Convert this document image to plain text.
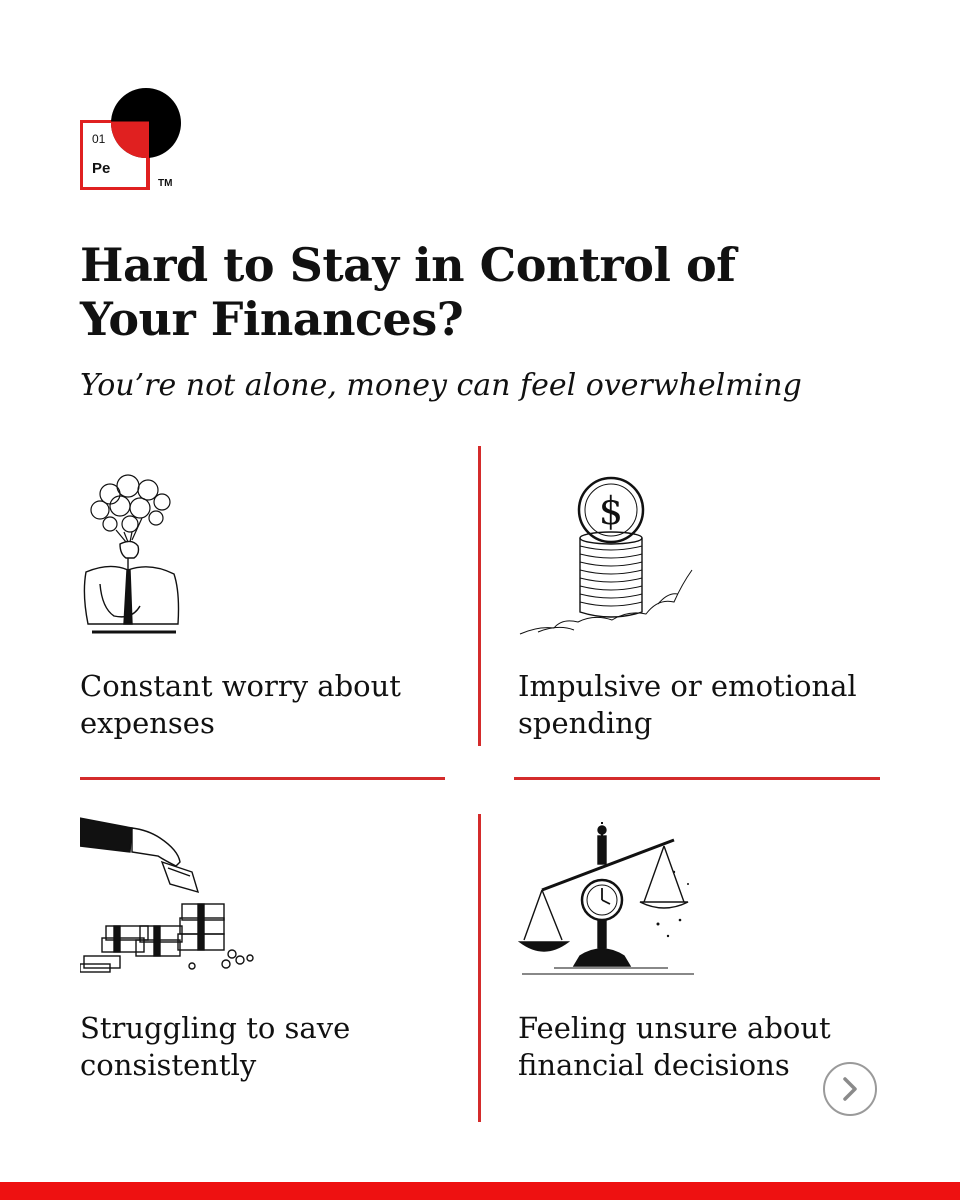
01
Pe
TM
Hard to Stay in Control of
Your Finances?

You’re not alone, money can feel overwhelming

$

Constant worry about
expenses

Impulsive or emotional
spending

Struggling to save
consistently

Feeling unsure about
financial decisions
